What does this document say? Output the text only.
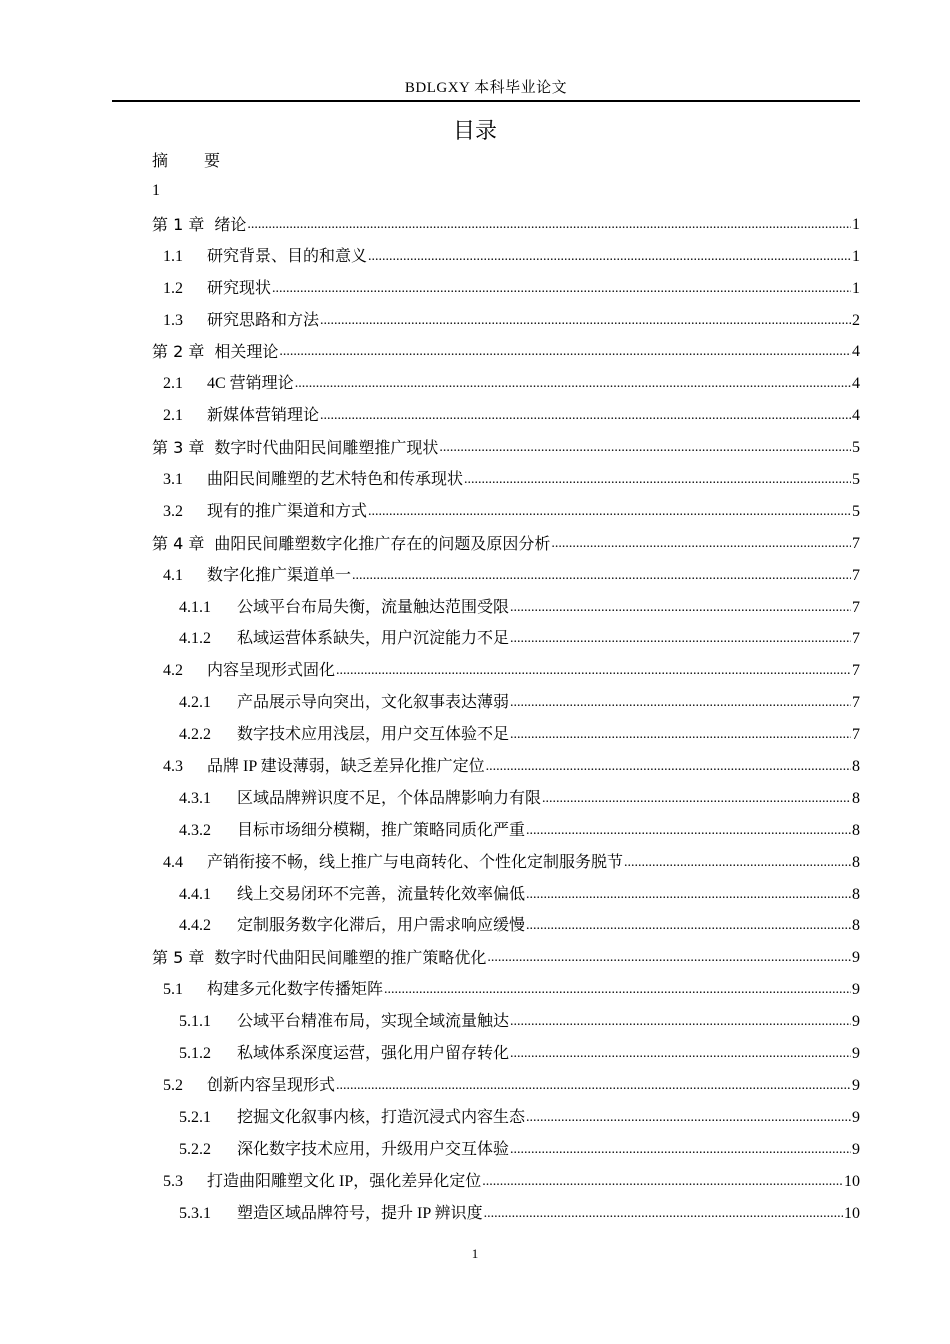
BDLGXY 本科毕业论文
目录
摘 要
1
第 1 章 绪论 .....	1
1.1	研究背景、目的和意义 .....	1
1.2	研究现状 .....	1
1.3	研究思路和方法 .....	2
第 2 章 相关理论 .....	4
2.1	4C 营销理论 .....	4
2.1	新媒体营销理论 .....	4
第 3 章 数字时代曲阳民间雕塑推广现状 .....	5
3.1	曲阳民间雕塑的艺术特色和传承现状 .....	5
3.2	现有的推广渠道和方式 .....	5
第 4 章 曲阳民间雕塑数字化推广存在的问题及原因分析 .....	7
4.1	数字化推广渠道单一 .....	7
4.1.1	公域平台布局失衡，流量触达范围受限 .....	7
4.1.2	私域运营体系缺失，用户沉淀能力不足 .....	7
4.2	内容呈现形式固化 .....	7
4.2.1	产品展示导向突出，文化叙事表达薄弱 .....	7
4.2.2	数字技术应用浅层，用户交互体验不足 .....	7
4.3	品牌 IP 建设薄弱，缺乏差异化推广定位 .....	8
4.3.1	区域品牌辨识度不足，个体品牌影响力有限 .....	8
4.3.2	目标市场细分模糊，推广策略同质化严重 .....	8
4.4	产销衔接不畅，线上推广与电商转化、个性化定制服务脱节 .....	8
4.4.1	线上交易闭环不完善，流量转化效率偏低 .....	8
4.4.2	定制服务数字化滞后，用户需求响应缓慢 .....	8
第 5 章 数字时代曲阳民间雕塑的推广策略优化 .....	9
5.1	构建多元化数字传播矩阵 .....	9
5.1.1	公域平台精准布局，实现全域流量触达 .....	9
5.1.2	私域体系深度运营，强化用户留存转化 .....	9
5.2	创新内容呈现形式 .....	9
5.2.1	挖掘文化叙事内核，打造沉浸式内容生态 .....	9
5.2.2	深化数字技术应用，升级用户交互体验 .....	9
5.3	打造曲阳雕塑文化 IP，强化差异化定位 .....	10
5.3.1	塑造区域品牌符号，提升 IP 辨识度 .....	10
1
